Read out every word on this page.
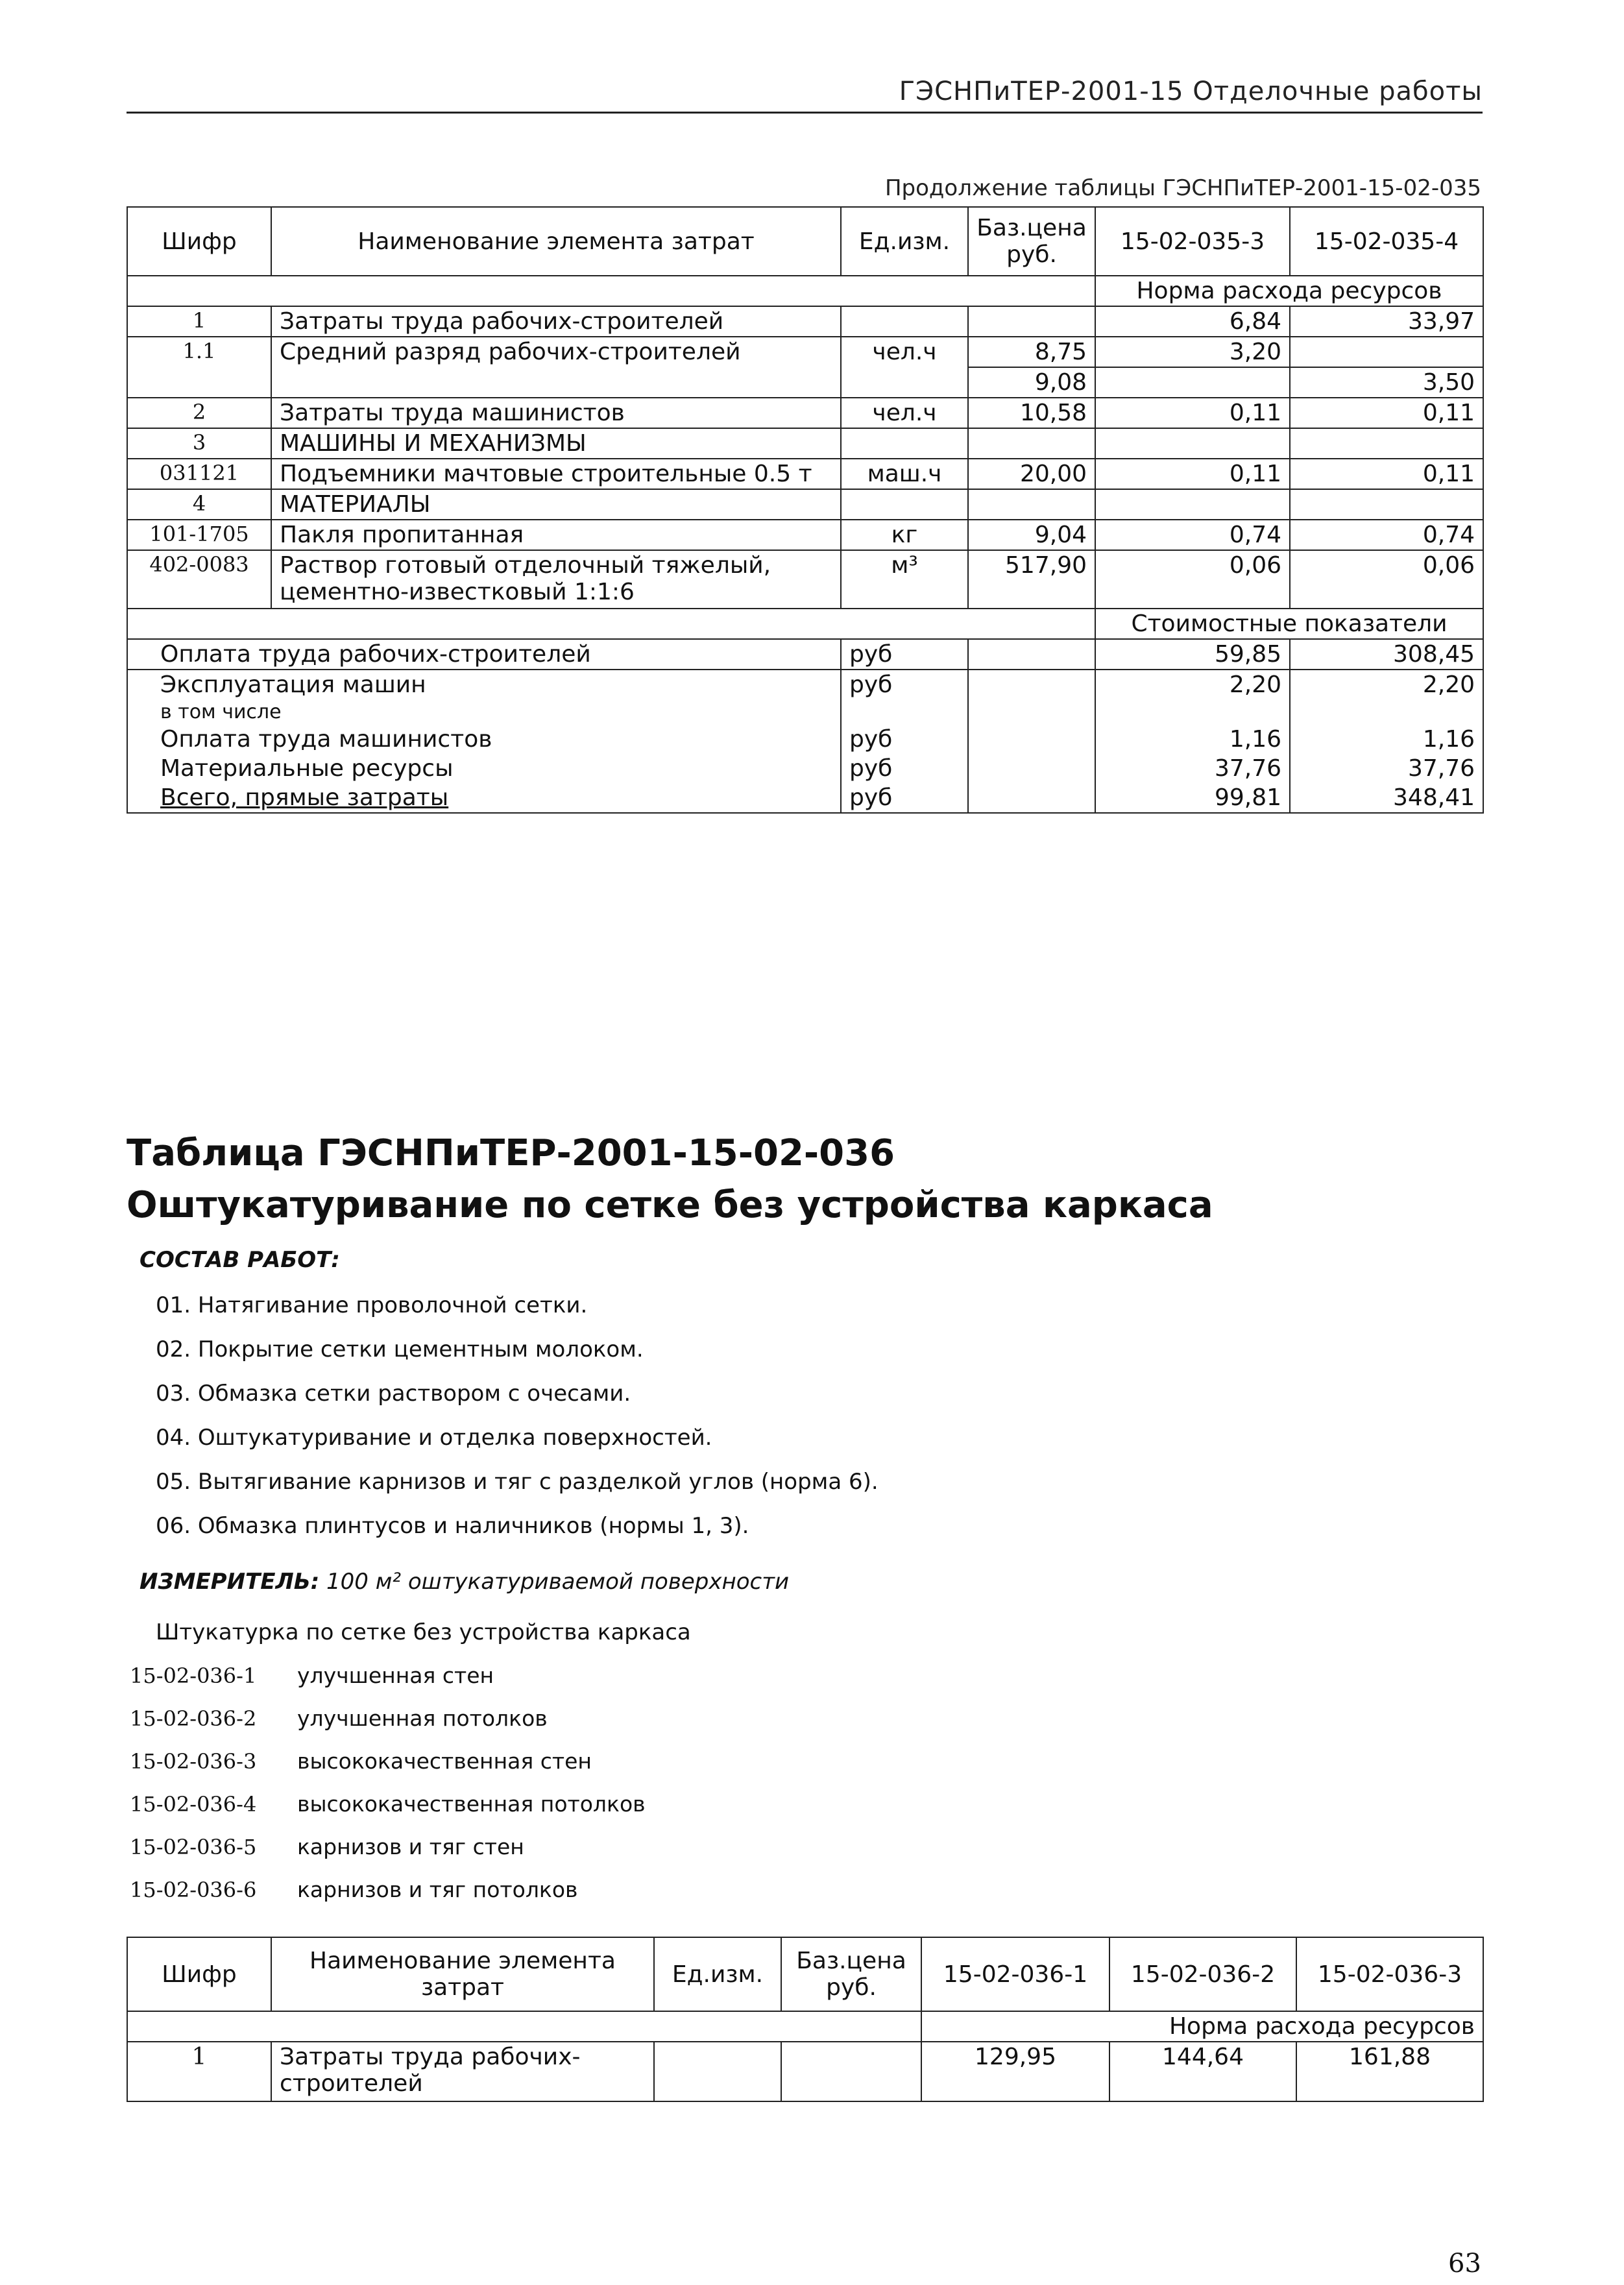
ГЭСНПиТЕР-2001-15 Отделочные работы
Продолжение таблицы ГЭСНПиТЕР-2001-15-02-035
Шифр	Наименование элемента затрат	Ед.изм.	Баз.цена руб.	15-02-035-3	15-02-035-4
				Норма расхода ресурсов	
1	Затраты труда рабочих-строителей			6,84	33,97
1.1	Средний разряд рабочих-строителей	чел.ч	8,75	3,20	
			9,08		3,50
2	Затраты труда машинистов	чел.ч	10,58	0,11	0,11
3	МАШИНЫ И МЕХАНИЗМЫ				
031121	Подъемники мачтовые строительные 0.5 т	маш.ч	20,00	0,11	0,11
4	МАТЕРИАЛЫ				
101-1705	Пакля пропитанная	кг	9,04	0,74	0,74
402-0083	Раствор готовый отделочный тяжелый, цементно-известковый 1:1:6	м³	517,90	0,06	0,06
				Стоимостные показатели	
Оплата труда рабочих-строителей		руб		59,85	308,45
Эксплуатация машин		руб		2,20	2,20
в том числе					
Оплата труда машинистов		руб		1,16	1,16
Материальные ресурсы		руб		37,76	37,76
Всего, прямые затраты		руб		99,81	348,41
Таблица ГЭСНПиТЕР-2001-15-02-036
Оштукатуривание по сетке без устройства каркаса
СОСТАВ РАБОТ:
01. Натягивание проволочной сетки.
02. Покрытие сетки цементным молоком.
03. Обмазка сетки раствором с очесами.
04. Оштукатуривание и отделка поверхностей.
05. Вытягивание карнизов и тяг с разделкой углов (норма 6).
06. Обмазка плинтусов и наличников (нормы 1, 3).
ИЗМЕРИТЕЛЬ: 100 м² оштукатуриваемой поверхности
Штукатурка по сетке без устройства каркаса
15-02-036-1	улучшенная стен
15-02-036-2	улучшенная потолков
15-02-036-3	высококачественная стен
15-02-036-4	высококачественная потолков
15-02-036-5	карнизов и тяг стен
15-02-036-6	карнизов и тяг потолков
Шифр	Наименование элемента затрат	Ед.изм.	Баз.цена руб.	15-02-036-1	15-02-036-2	15-02-036-3
				Норма расхода ресурсов		
1	Затраты труда рабочих-строителей			129,95	144,64	161,88
63
